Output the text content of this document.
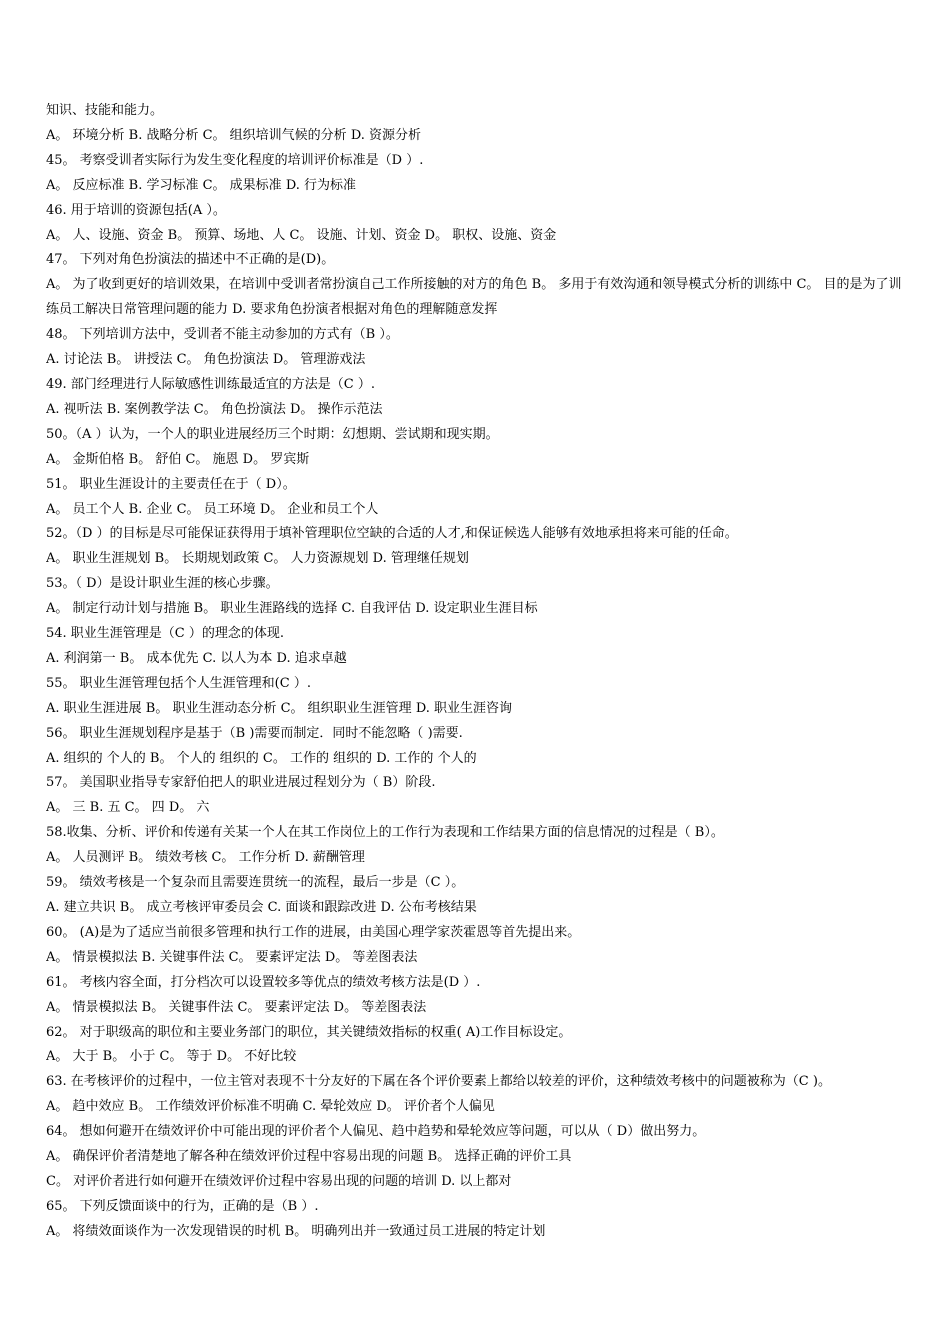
知识、技能和能力。
A。 环境分析 B. 战略分析 C。 组织培训气候的分析 D. 资源分析
45。 考察受训者实际行为发生变化程度的培训评价标准是（D ）.
A。 反应标准 B. 学习标准 C。 成果标准 D. 行为标准
46. 用于培训的资源包括(A ）。
A。 人、设施、资金 B。 预算、场地、人 C。 设施、计划、资金 D。 职权、设施、资金
47。 下列对角色扮演法的描述中不正确的是(D)。
A。 为了收到更好的培训效果，在培训中受训者常扮演自己工作所接触的对方的角色 B。 多用于有效沟通和领导模式分析的训练中 C。 目的是为了训练员工解决日常管理问题的能力 D. 要求角色扮演者根据对角色的理解随意发挥
48。 下列培训方法中，受训者不能主动参加的方式有（B ）。
A. 讨论法 B。 讲授法 C。 角色扮演法 D。 管理游戏法
49. 部门经理进行人际敏感性训练最适宜的方法是（C ）.
A. 视听法 B. 案例教学法 C。 角色扮演法 D。 操作示范法
50。（A ）认为，一个人的职业进展经历三个时期：幻想期、尝试期和现实期。
A。 金斯伯格 B。 舒伯 C。 施恩 D。 罗宾斯
51。 职业生涯设计的主要责任在于（ D）。
A。 员工个人 B. 企业 C。 员工环境 D。 企业和员工个人
52。（D ）的目标是尽可能保证获得用于填补管理职位空缺的合适的人才,和保证候选人能够有效地承担将来可能的任命。
A。 职业生涯规划 B。 长期规划政策 C。 人力资源规划 D. 管理继任规划
53。（ D）是设计职业生涯的核心步骤。
A。 制定行动计划与措施 B。 职业生涯路线的选择 C. 自我评估 D. 设定职业生涯目标
54. 职业生涯管理是（C ）的理念的体现.
A. 利润第一 B。 成本优先 C. 以人为本 D. 追求卓越
55。 职业生涯管理包括个人生涯管理和(C ）.
A. 职业生涯进展 B。 职业生涯动态分析 C。 组织职业生涯管理 D. 职业生涯咨询
56。 职业生涯规划程序是基于（B )需要而制定．同时不能忽略（ )需要.
A. 组织的 个人的 B。 个人的 组织的 C。 工作的 组织的 D. 工作的 个人的
57。 美国职业指导专家舒伯把人的职业进展过程划分为（ B）阶段.
A。 三 B. 五 C。 四 D。 六
58.收集、分析、评价和传递有关某一个人在其工作岗位上的工作行为表现和工作结果方面的信息情况的过程是（ B）。
A。 人员测评 B。 绩效考核 C。 工作分析 D. 薪酬管理
59。 绩效考核是一个复杂而且需要连贯统一的流程，最后一步是（C ）。
A. 建立共识 B。 成立考核评审委员会 C. 面谈和跟踪改进 D. 公布考核结果
60。 (A)是为了适应当前很多管理和执行工作的进展，由美国心理学家茨霍恩等首先提出来。
A。 情景模拟法 B. 关键事件法 C。 要素评定法 D。 等差图表法
61。 考核内容全面，打分档次可以设置较多等优点的绩效考核方法是(D ）.
A。 情景模拟法 B。 关键事件法 C。 要素评定法 D。 等差图表法
62。 对于职级高的职位和主要业务部门的职位，其关键绩效指标的权重( A)工作目标设定。
A。 大于 B。 小于 C。 等于 D。 不好比较
63. 在考核评价的过程中，一位主管对表现不十分友好的下属在各个评价要素上都给以较差的评价，这种绩效考核中的问题被称为（C )。
A。 趋中效应 B。 工作绩效评价标准不明确 C. 晕轮效应 D。 评价者个人偏见
64。 想如何避开在绩效评价中可能出现的评价者个人偏见、趋中趋势和晕轮效应等问题，可以从（ D）做出努力。
A。 确保评价者清楚地了解各种在绩效评价过程中容易出现的问题 B。 选择正确的评价工具
C。 对评价者进行如何避开在绩效评价过程中容易出现的问题的培训 D. 以上都对
65。 下列反馈面谈中的行为，正确的是（B ）.
A。 将绩效面谈作为一次发现错误的时机 B。 明确列出并一致通过员工进展的特定计划
